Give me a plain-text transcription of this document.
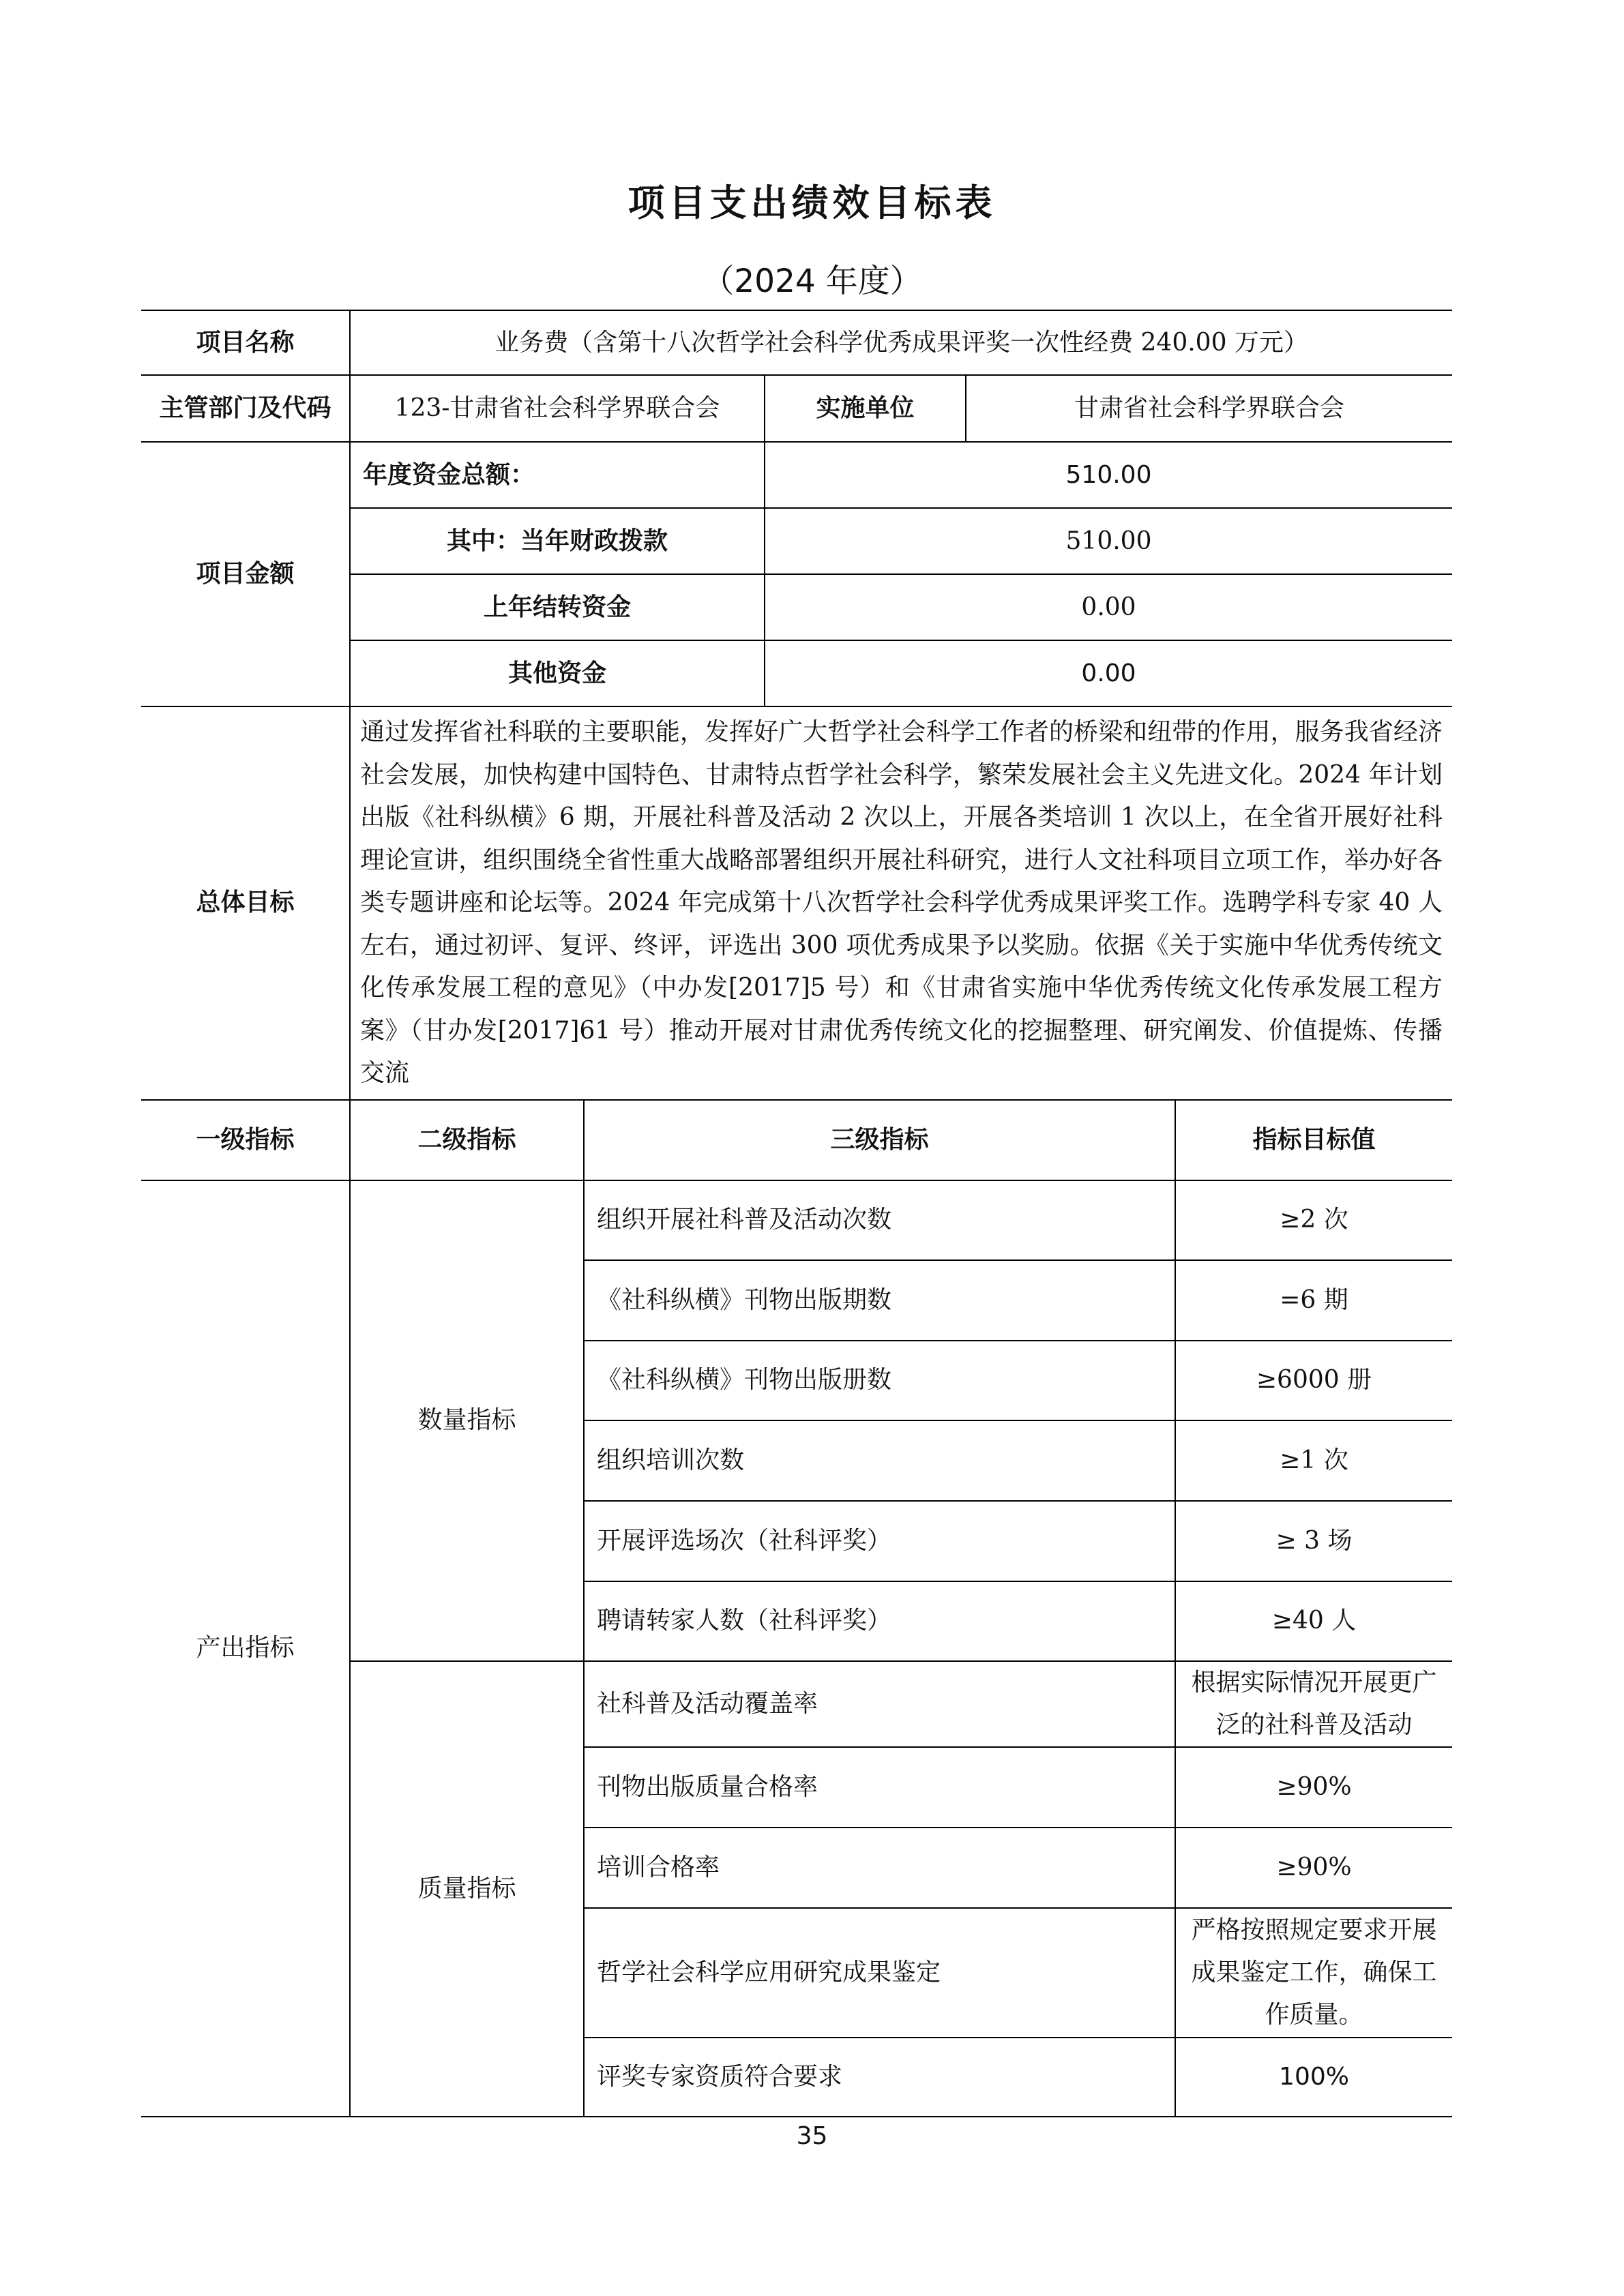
项目支出绩效目标表
（2024 年度）
项目名称	业务费（含第十八次哲学社会科学优秀成果评奖一次性经费 240.00 万元）				
主管部门及代码	123-甘肃省社会科学界联合会		实施单位	甘肃省社会科学界联合会	
项目金额	年度资金总额：		510.00		
	其中：当年财政拨款		510.00		
	上年结转资金		0.00		
	其他资金		0.00		
总体目标	通过发挥省社科联的主要职能，发挥好广大哲学社会科学工作者的桥梁和纽带的作用，服务我省经济社会发展，加快构建中国特色、甘肃特点哲学社会科学，繁荣发展社会主义先进文化。2024 年计划出版《社科纵横》6 期，开展社科普及活动 2 次以上，开展各类培训 1 次以上，在全省开展好社科理论宣讲，组织围绕全省性重大战略部署组织开展社科研究，进行人文社科项目立项工作，举办好各类专题讲座和论坛等。2024 年完成第十八次哲学社会科学优秀成果评奖工作。选聘学科专家 40 人左右，通过初评、复评、终评，评选出 300 项优秀成果予以奖励。依据《关于实施中华优秀传统文化传承发展工程的意见》（中办发[2017]5 号）和《甘肃省实施中华优秀传统文化传承发展工程方案》（甘办发[2017]61 号）推动开展对甘肃优秀传统文化的挖掘整理、研究阐发、价值提炼、传播交流				
一级指标	二级指标	三级指标			指标目标值
产出指标	数量指标	组织开展社科普及活动次数			≥2 次
		《社科纵横》刊物出版期数			=6 期
		《社科纵横》刊物出版册数			≥6000 册
		组织培训次数			≥1 次
		开展评选场次（社科评奖）			≥ 3 场
		聘请转家人数（社科评奖）			≥40 人
	质量指标	社科普及活动覆盖率			根据实际情况开展更广泛的社科普及活动
		刊物出版质量合格率			≥90%
		培训合格率			≥90%
		哲学社会科学应用研究成果鉴定			严格按照规定要求开展成果鉴定工作，确保工作质量。
		评奖专家资质符合要求			100%
35
